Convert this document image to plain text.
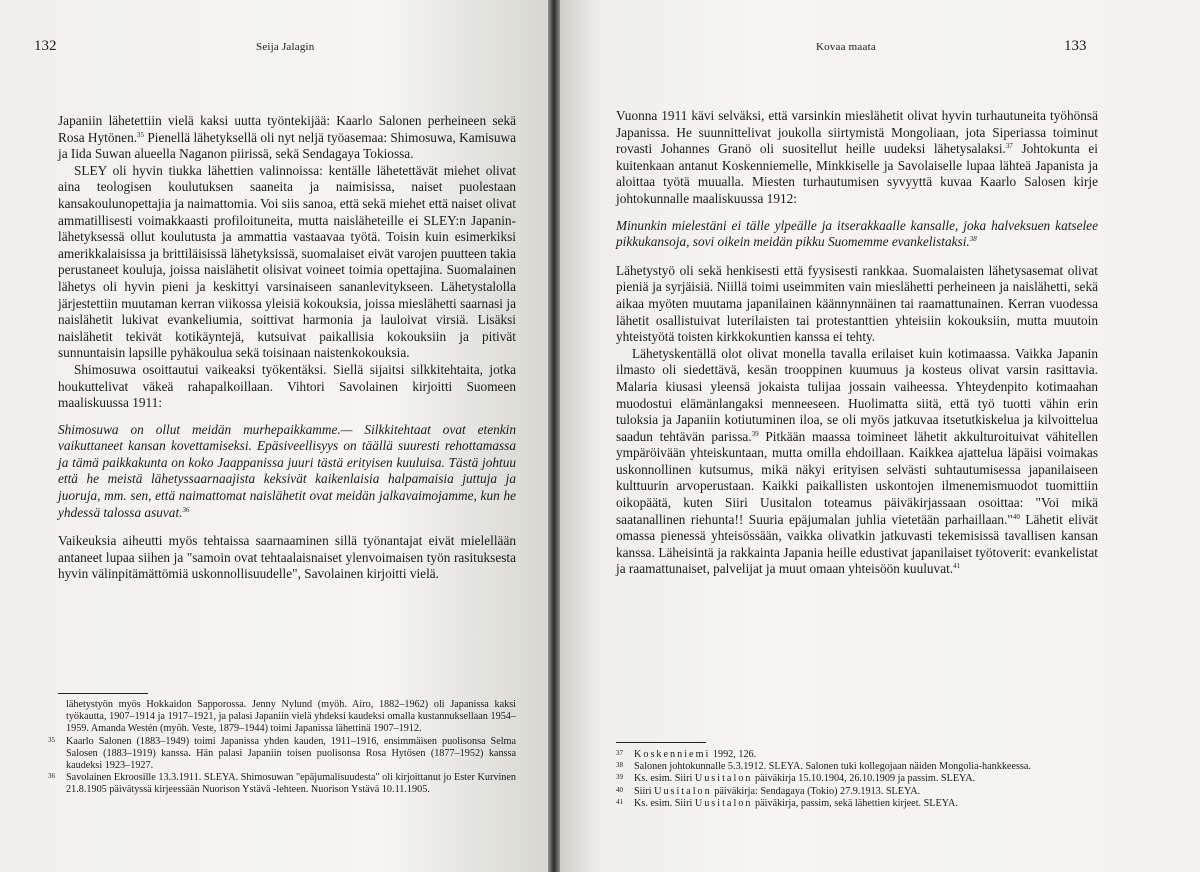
132	Seija Jalagin

Japaniin lähetettiin vielä kaksi uutta työntekijää: Kaarlo Salonen perheineen sekä Rosa Hytönen.$^{35}$ Pienellä lähetyksellä oli nyt neljä työasemaa: Shimosuwa, Kamisuwa ja Iida Suwan alueella Naganon piirissä, sekä Sendagaya Tokiossa.

SLEY oli hyvin tiukka lähettien valinnoissa: kentälle lähetettävät miehet olivat aina teologisen koulutuksen saaneita ja naimisissa, naiset puolestaan kansakoulunopettajia ja naimattomia. Voi siis sanoa, että sekä miehet että naiset olivat ammatillisesti voimakkaasti profiloituneita, mutta naisläheteille ei SLEY:n Japanin-lähetyksessä ollut koulutusta ja ammattia vastaavaa työtä. Toisin kuin esimerkiksi amerikkalaisissa ja brittiläisissä lähetyksissä, suomalaiset eivät varojen puutteen takia perustaneet kouluja, joissa naislähetit olisivat voineet toimia opettajina. Suomalainen lähetys oli hyvin pieni ja keskittyi varsinaiseen sananlevitykseen. Lähetystalolla järjestettiin muutaman kerran viikossa yleisiä kokouksia, joissa mieslähetti saarnasi ja naislähetit lukivat evankeliumia, soittivat harmonia ja lauloivat virsiä. Lisäksi naislähetit tekivät kotikäyntejä, kutsuivat paikallisia kokouksiin ja pitivät sunnuntaisin lapsille pyhäkoulua sekä toisinaan naistenkokouksia.

Shimosuwa osoittautui vaikeaksi työkentäksi. Siellä sijaitsi silkkitehtaita, jotka houkuttelivat väkeä rahapalkoillaan. Vihtori Savolainen kirjoitti Suomeen maaliskuussa 1911:

Shimosuwa on ollut meidän murhepaikkamme.— Silkkitehtaat ovat etenkin vaikuttaneet kansan kovettamiseksi. Epäsiveellisyys on täällä suuresti rehottamassa ja tämä paikkakunta on koko Jaappanissa juuri tästä erityisen kuuluisa. Tästä johtuu että he meistä lähetyssaarnaajista keksivät kaikenlaisia halpamaisia juttuja ja juoruja, mm. sen, että naimattomat naislähetit ovat meidän jalkavaimojamme, kun he yhdessä talossa asuvat.$^{36}$

Vaikeuksia aiheutti myös tehtaissa saarnaaminen sillä työnantajat eivät mielellään antaneet lupaa siihen ja "samoin ovat tehtaalaisnaiset ylenvoimaisen työn rasituksesta hyvin välinpitämättömiä uskonnollisuudelle", Savolainen kirjoitti vielä.

lähetystyön myös Hokkaidon Sapporossa. Jenny Nylund (myöh. Airo, 1882–1962) oli Japanissa kaksi työkautta, 1907–1914 ja 1917–1921, ja palasi Japaniin vielä yhdeksi kaudeksi omalla kustannuksellaan 1954–1959. Amanda Westén (myöh. Veste, 1879–1944) toimi Japanissa lähettinä 1907–1912.

35 Kaarlo Salonen (1883–1949) toimi Japanissa yhden kauden, 1911–1916, ensimmäisen puolisonsa Selma Salosen (1883–1919) kanssa. Hän palasi Japaniin toisen puolisonsa Rosa Hytösen (1877–1952) kanssa kaudeksi 1923–1927.

36 Savolainen Ekroosille 13.3.1911. SLEYA. Shimosuwan "epäjumalisuudesta" oli kirjoittanut jo Ester Kurvinen 21.8.1905 päivätyssä kirjeessään Nuorison Ystävä -lehteen. Nuorison Ystävä 10.11.1905.

Kovaa maata	133

Vuonna 1911 kävi selväksi, että varsinkin mieslähetit olivat hyvin turhautuneita työhönsä Japanissa. He suunnittelivat joukolla siirtymistä Mongoliaan, jota Siperiassa toiminut rovasti Johannes Granö oli suositellut heille uudeksi lähetysalaksi.$^{37}$ Johtokunta ei kuitenkaan antanut Koskenniemelle, Minkkiselle ja Savolaiselle lupaa lähteä Japanista ja aloittaa työtä muualla. Miesten turhautumisen syvyyttä kuvaa Kaarlo Salosen kirje johtokunnalle maaliskuussa 1912:

Minunkin mielestäni ei tälle ylpeälle ja itserakkaalle kansalle, joka halveksuen katselee pikkukansoja, sovi oikein meidän pikku Suomemme evankelistaksi.$^{38}$

Lähetystyö oli sekä henkisesti että fyysisesti rankkaa. Suomalaisten lähetysasemat olivat pieniä ja syrjäisiä. Niillä toimi useimmiten vain mieslähetti perheineen ja naislähetti, sekä aikaa myöten muutama japanilainen käännynnäinen tai raamattunainen. Kerran vuodessa lähetit osallistuivat luterilaisten tai protestanttien yhteisiin kokouksiin, mutta muutoin yhteistyötä toisten kirkkokuntien kanssa ei tehty.

Lähetyskentällä olot olivat monella tavalla erilaiset kuin kotimaassa. Vaikka Japanin ilmasto oli siedettävä, kesän trooppinen kuumuus ja kosteus olivat varsin rasittavia. Malaria kiusasi yleensä jokaista tulijaa jossain vaiheessa. Yhteydenpito kotimaahan muodostui elämänlangaksi menneeseen. Huolimatta siitä, että työ tuotti vähin erin tuloksia ja Japaniin kotiutuminen iloa, se oli myös jatkuvaa itsetutkiskelua ja kilvoittelua saadun tehtävän parissa.$^{39}$ Pitkään maassa toimineet lähetit akkulturoituivat vähitellen ympäröivään yhteiskuntaan, mutta omilla ehdoillaan. Kaikkea ajattelua läpäisi voimakas uskonnollinen kutsumus, mikä näkyi erityisen selvästi suhtautumisessa japanilaiseen kulttuurin arvoperustaan. Kaikki paikallisten uskontojen ilmenemismuodot tuomittiin oikopäätä, kuten Siiri Uusitalon toteamus päiväkirjassaan osoittaa: "Voi mikä saatanallinen riehunta!! Suuria epäjumalan juhlia vietetään parhaillaan."$^{40}$ Lähetit elivät omassa pienessä yhteisössään, vaikka olivatkin jatkuvasti tekemisissä tavallisen kansan kanssa. Läheisintä ja rakkainta Japania heille edustivat japanilaiset työtoverit: evankelistat ja raamattunaiset, palvelijat ja muut omaan yhteisöön kuuluvat.$^{41}$

37 Koskenniemi 1992, 126.

38 Salonen johtokunnalle 5.3.1912. SLEYA. Salonen tuki kollegojaan näiden Mongolia-hankkeessa.

39 Ks. esim. Siiri Uusitalon päiväkirja 15.10.1904, 26.10.1909 ja passim. SLEYA.

40 Siiri Uusitalon päiväkirja: Sendagaya (Tokio) 27.9.1913. SLEYA.

41 Ks. esim. Siiri Uusitalon päiväkirja, passim, sekä lähettien kirjeet. SLEYA.
